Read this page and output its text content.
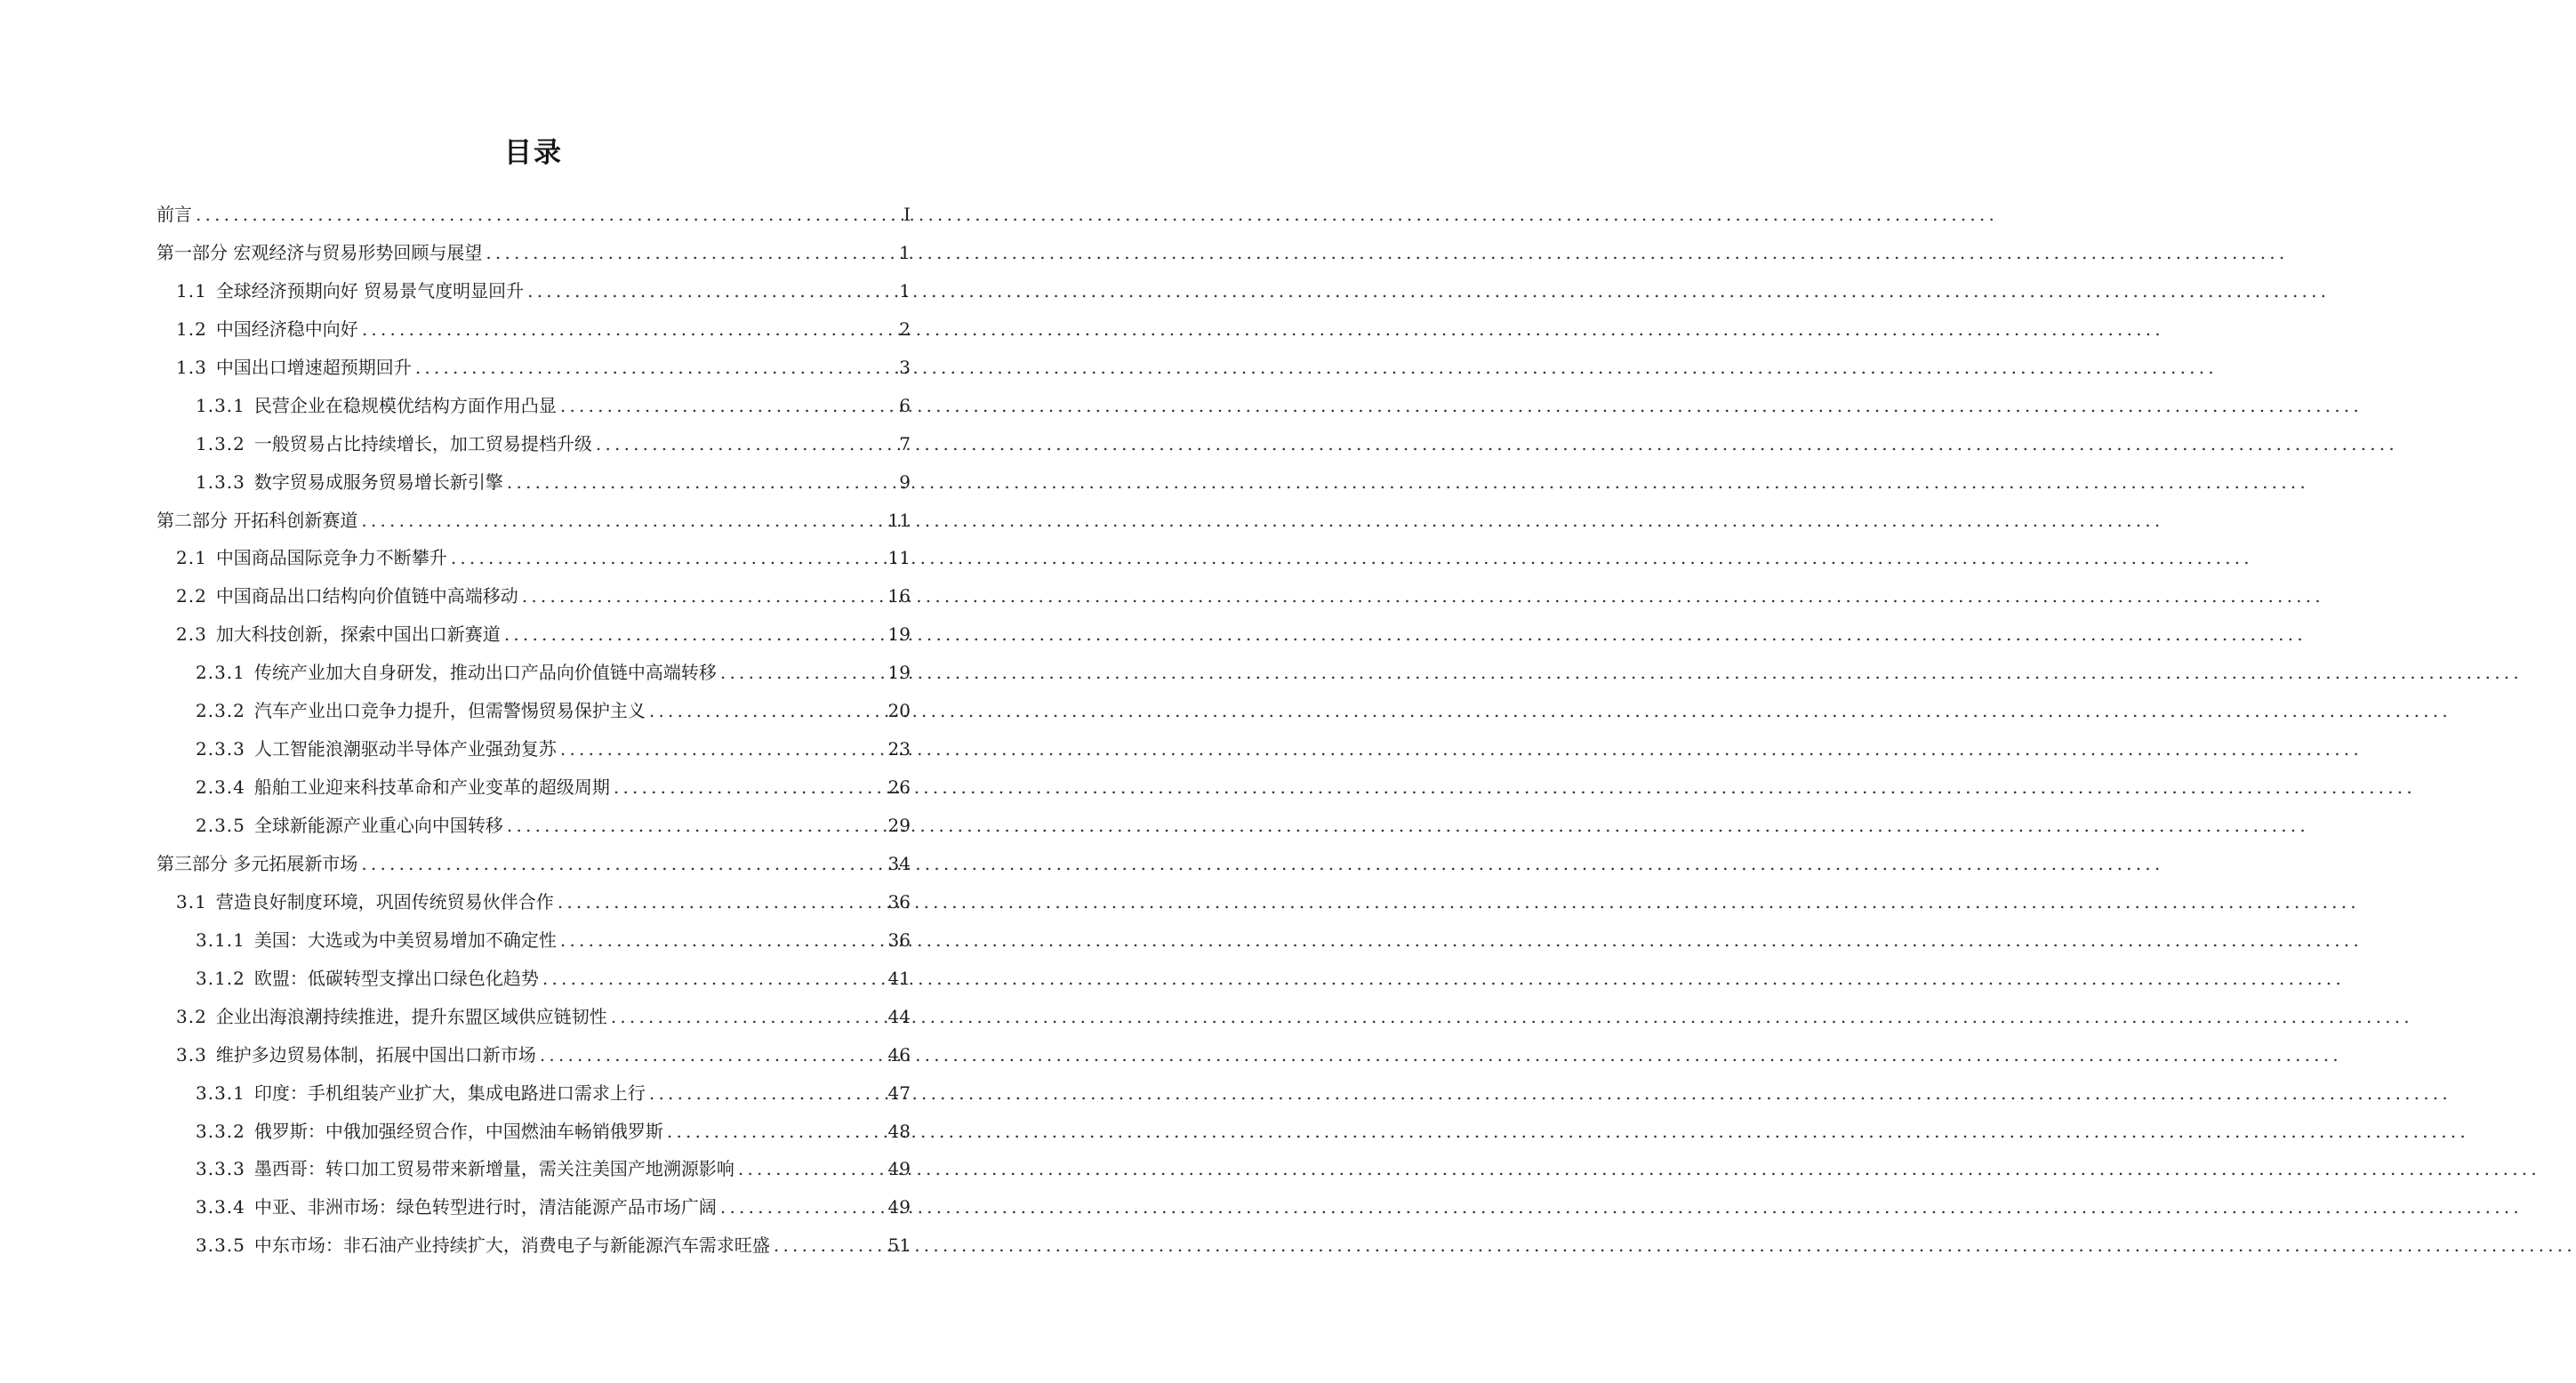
目录
前言 .....	I
第一部分 宏观经济与贸易形势回顾与展望 .....	1
1.1 全球经济预期向好 贸易景气度明显回升 .....	1
1.2 中国经济稳中向好 .....	2
1.3 中国出口增速超预期回升 .....	3
1.3.1 民营企业在稳规模优结构方面作用凸显 .....	6
1.3.2 一般贸易占比持续增长，加工贸易提档升级 .....	7
1.3.3 数字贸易成服务贸易增长新引擎 .....	9
第二部分 开拓科创新赛道 .....	11
2.1 中国商品国际竞争力不断攀升 .....	11
2.2 中国商品出口结构向价值链中高端移动 .....	16
2.3 加大科技创新，探索中国出口新赛道 .....	19
2.3.1 传统产业加大自身研发，推动出口产品向价值链中高端转移 .....	19
2.3.2 汽车产业出口竞争力提升，但需警惕贸易保护主义 .....	20
2.3.3 人工智能浪潮驱动半导体产业强劲复苏 .....	23
2.3.4 船舶工业迎来科技革命和产业变革的超级周期 .....	26
2.3.5 全球新能源产业重心向中国转移 .....	29
第三部分 多元拓展新市场 .....	34
3.1 营造良好制度环境，巩固传统贸易伙伴合作 .....	36
3.1.1 美国：大选或为中美贸易增加不确定性 .....	36
3.1.2 欧盟：低碳转型支撑出口绿色化趋势 .....	41
3.2 企业出海浪潮持续推进，提升东盟区域供应链韧性 .....	44
3.3 维护多边贸易体制，拓展中国出口新市场 .....	46
3.3.1 印度：手机组装产业扩大，集成电路进口需求上行 .....	47
3.3.2 俄罗斯：中俄加强经贸合作，中国燃油车畅销俄罗斯 .....	48
3.3.3 墨西哥：转口加工贸易带来新增量，需关注美国产地溯源影响 .....	49
3.3.4 中亚、非洲市场：绿色转型进行时，清洁能源产品市场广阔 .....	49
3.3.5 中东市场：非石油产业持续扩大，消费电子与新能源汽车需求旺盛 .....	51
